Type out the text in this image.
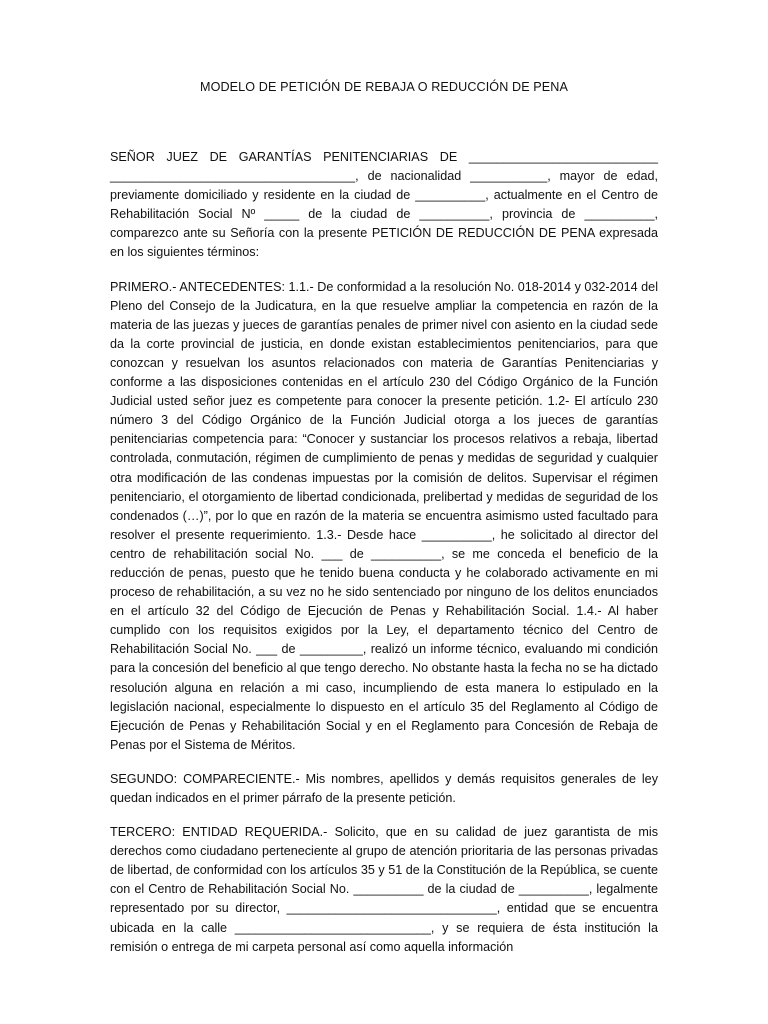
MODELO DE PETICIÓN DE REBAJA O REDUCCIÓN DE PENA

SEÑOR JUEZ DE GARANTÍAS PENITENCIARIAS DE ___________________________ ___________________________________, de nacionalidad ___________, mayor de edad, previamente domiciliado y residente en la ciudad de __________, actualmente en el Centro de Rehabilitación Social Nº _____ de la ciudad de __________, provincia de __________, comparezco ante su Señoría con la presente PETICIÓN DE REDUCCIÓN DE PENA expresada en los siguientes términos:

PRIMERO.- ANTECEDENTES: 1.1.- De conformidad a la resolución No. 018-2014 y 032-2014 del Pleno del Consejo de la Judicatura, en la que resuelve ampliar la competencia en razón de la materia de las juezas y jueces de garantías penales de primer nivel con asiento en la ciudad sede da la corte provincial de justicia, en donde existan establecimientos penitenciarios, para que conozcan y resuelvan los asuntos relacionados con materia de Garantías Penitenciarias y conforme a las disposiciones contenidas en el artículo 230 del Código Orgánico de la Función Judicial usted señor juez es competente para conocer la presente petición. 1.2- El artículo 230 número 3 del Código Orgánico de la Función Judicial otorga a los jueces de garantías penitenciarias competencia para: “Conocer y sustanciar los procesos relativos a rebaja, libertad controlada, conmutación, régimen de cumplimiento de penas y medidas de seguridad y cualquier otra modificación de las condenas impuestas por la comisión de delitos. Supervisar el régimen penitenciario, el otorgamiento de libertad condicionada, prelibertad y medidas de seguridad de los condenados (…)”, por lo que en razón de la materia se encuentra asimismo usted facultado para resolver el presente requerimiento. 1.3.- Desde hace __________, he solicitado al director del centro de rehabilitación social No. ___ de __________, se me conceda el beneficio de la reducción de penas, puesto que he tenido buena conducta y he colaborado activamente en mi proceso de rehabilitación, a su vez no he sido sentenciado por ninguno de los delitos enunciados en el artículo 32 del Código de Ejecución de Penas y Rehabilitación Social. 1.4.- Al haber cumplido con los requisitos exigidos por la Ley, el departamento técnico del Centro de Rehabilitación Social No. ___ de _________, realizó un informe técnico, evaluando mi condición para la concesión del beneficio al que tengo derecho. No obstante hasta la fecha no se ha dictado resolución alguna en relación a mi caso, incumpliendo de esta manera lo estipulado en la legislación nacional, especialmente lo dispuesto en el artículo 35 del Reglamento al Código de Ejecución de Penas y Rehabilitación Social y en el Reglamento para Concesión de Rebaja de Penas por el Sistema de Méritos.

SEGUNDO: COMPARECIENTE.- Mis nombres, apellidos y demás requisitos generales de ley quedan indicados en el primer párrafo de la presente petición.

TERCERO: ENTIDAD REQUERIDA.- Solicito, que en su calidad de juez garantista de mis derechos como ciudadano perteneciente al grupo de atención prioritaria de las personas privadas de libertad, de conformidad con los artículos 35 y 51 de la Constitución de la República, se cuente con el Centro de Rehabilitación Social No. __________ de la ciudad de __________, legalmente representado por su director, ______________________________, entidad que se encuentra ubicada en la calle ____________________________, y se requiera de ésta institución la remisión o entrega de mi carpeta personal así como aquella información
